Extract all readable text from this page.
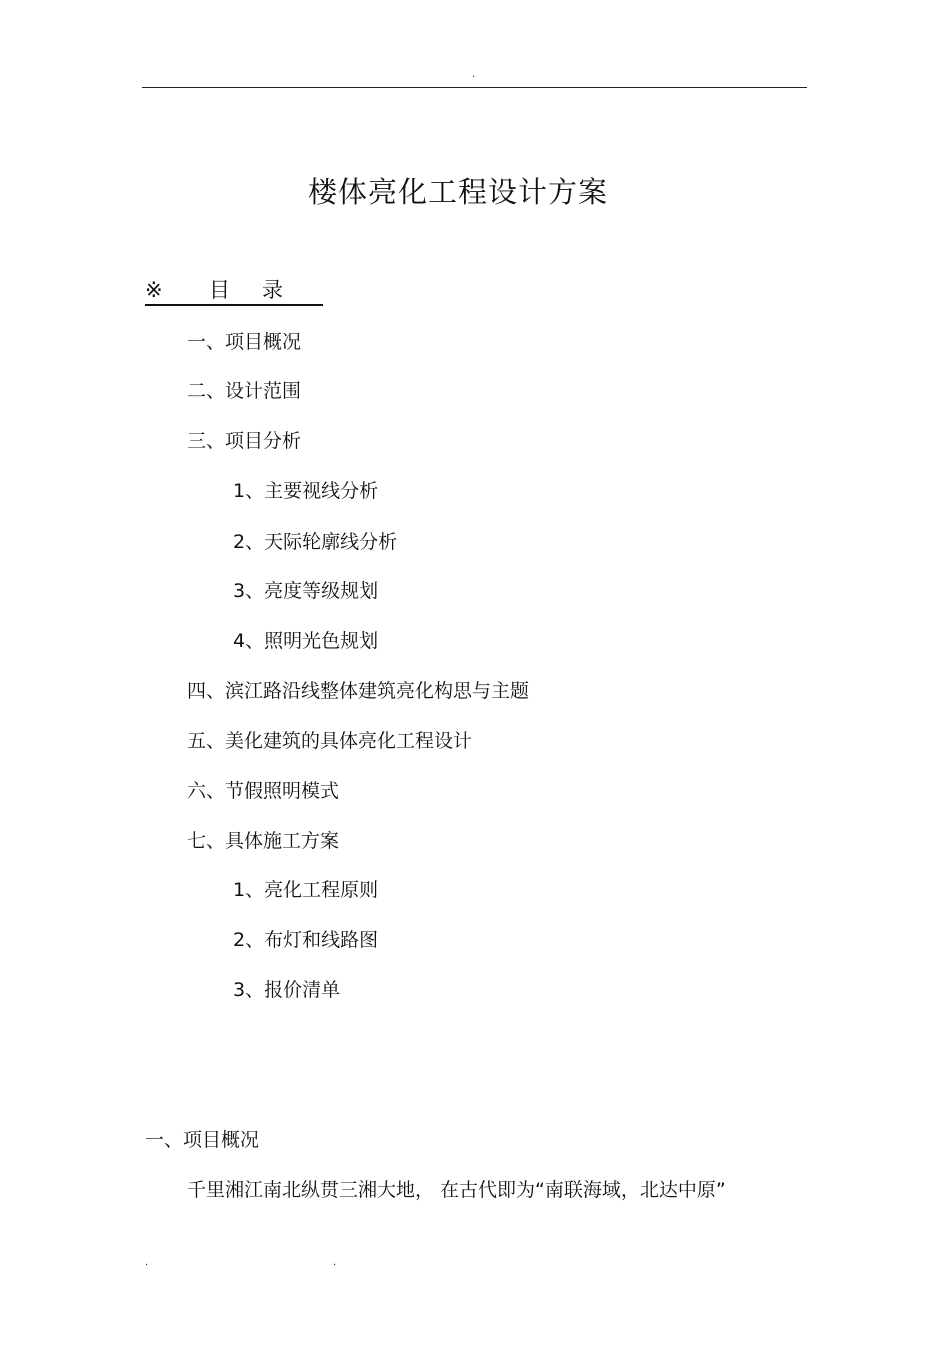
.
楼体亮化工程设计方案
※ 目录
一、项目概况
二、设计范围
三、项目分析
1、主要视线分析
2、天际轮廓线分析
3、亮度等级规划
4、照明光色规划
四、滨江路沿线整体建筑亮化构思与主题
五、美化建筑的具体亮化工程设计
六、节假照明模式
七、具体施工方案
1、亮化工程原则
2、布灯和线路图
3、报价清单
一、项目概况
千里湘江南北纵贯三湘大地， 在古代即为“南联海域，北达中原”
.	.
